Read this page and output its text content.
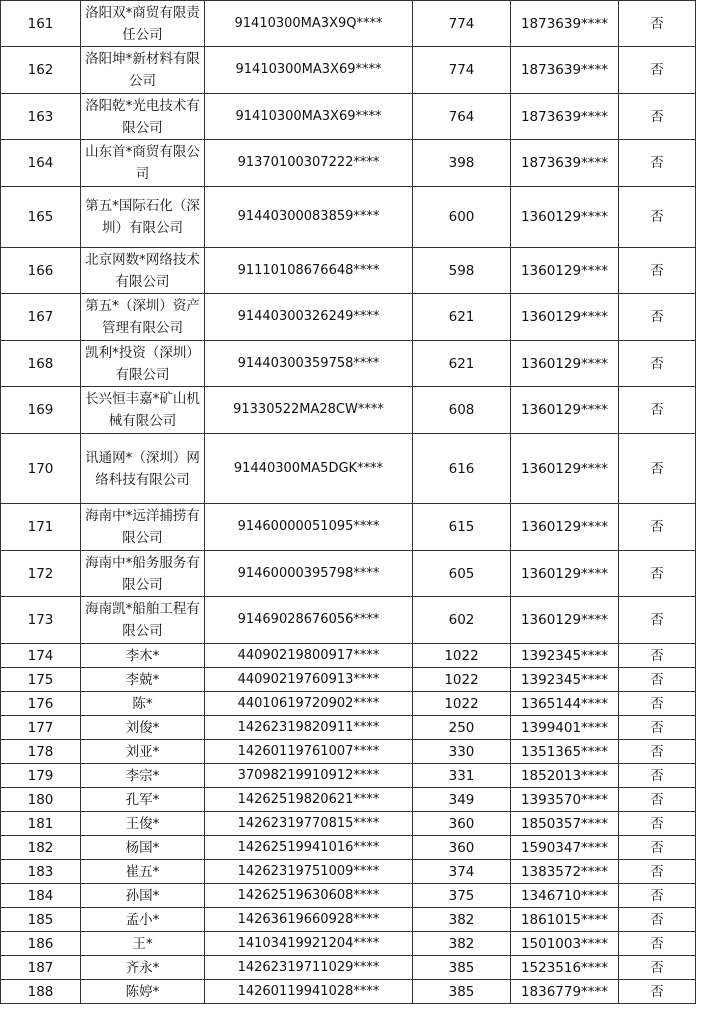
161	洛阳双*商贸有限责任公司	91410300MA3X9Q****	774	1873639****	否
162	洛阳坤*新材料有限公司	91410300MA3X69****	774	1873639****	否
163	洛阳乾*光电技术有限公司	91410300MA3X69****	764	1873639****	否
164	山东首*商贸有限公司	91370100307222****	398	1873639****	否
165	第五*国际石化（深圳）有限公司	91440300083859****	600	1360129****	否
166	北京网数*网络技术有限公司	91110108676648****	598	1360129****	否
167	第五*（深圳）资产管理有限公司	91440300326249****	621	1360129****	否
168	凯利*投资（深圳）有限公司	91440300359758****	621	1360129****	否
169	长兴恒丰嘉*矿山机械有限公司	91330522MA28CW****	608	1360129****	否
170	讯通网*（深圳）网络科技有限公司	91440300MA5DGK****	616	1360129****	否
171	海南中*远洋捕捞有限公司	91460000051095****	615	1360129****	否
172	海南中*船务服务有限公司	91460000395798****	605	1360129****	否
173	海南凯*船舶工程有限公司	91469028676056****	602	1360129****	否
174	李木*	44090219800917****	1022	1392345****	否
175	李兢*	44090219760913****	1022	1392345****	否
176	陈*	44010619720902****	1022	1365144****	否
177	刘俊*	14262319820911****	250	1399401****	否
178	刘亚*	14260119761007****	330	1351365****	否
179	李宗*	37098219910912****	331	1852013****	否
180	孔军*	14262519820621****	349	1393570****	否
181	王俊*	14262319770815****	360	1850357****	否
182	杨国*	14262519941016****	360	1590347****	否
183	崔五*	14262319751009****	374	1383572****	否
184	孙国*	14262519630608****	375	1346710****	否
185	孟小*	14263619660928****	382	1861015****	否
186	王*	14103419921204****	382	1501003****	否
187	齐永*	14262319711029****	385	1523516****	否
188	陈婷*	14260119941028****	385	1836779****	否
